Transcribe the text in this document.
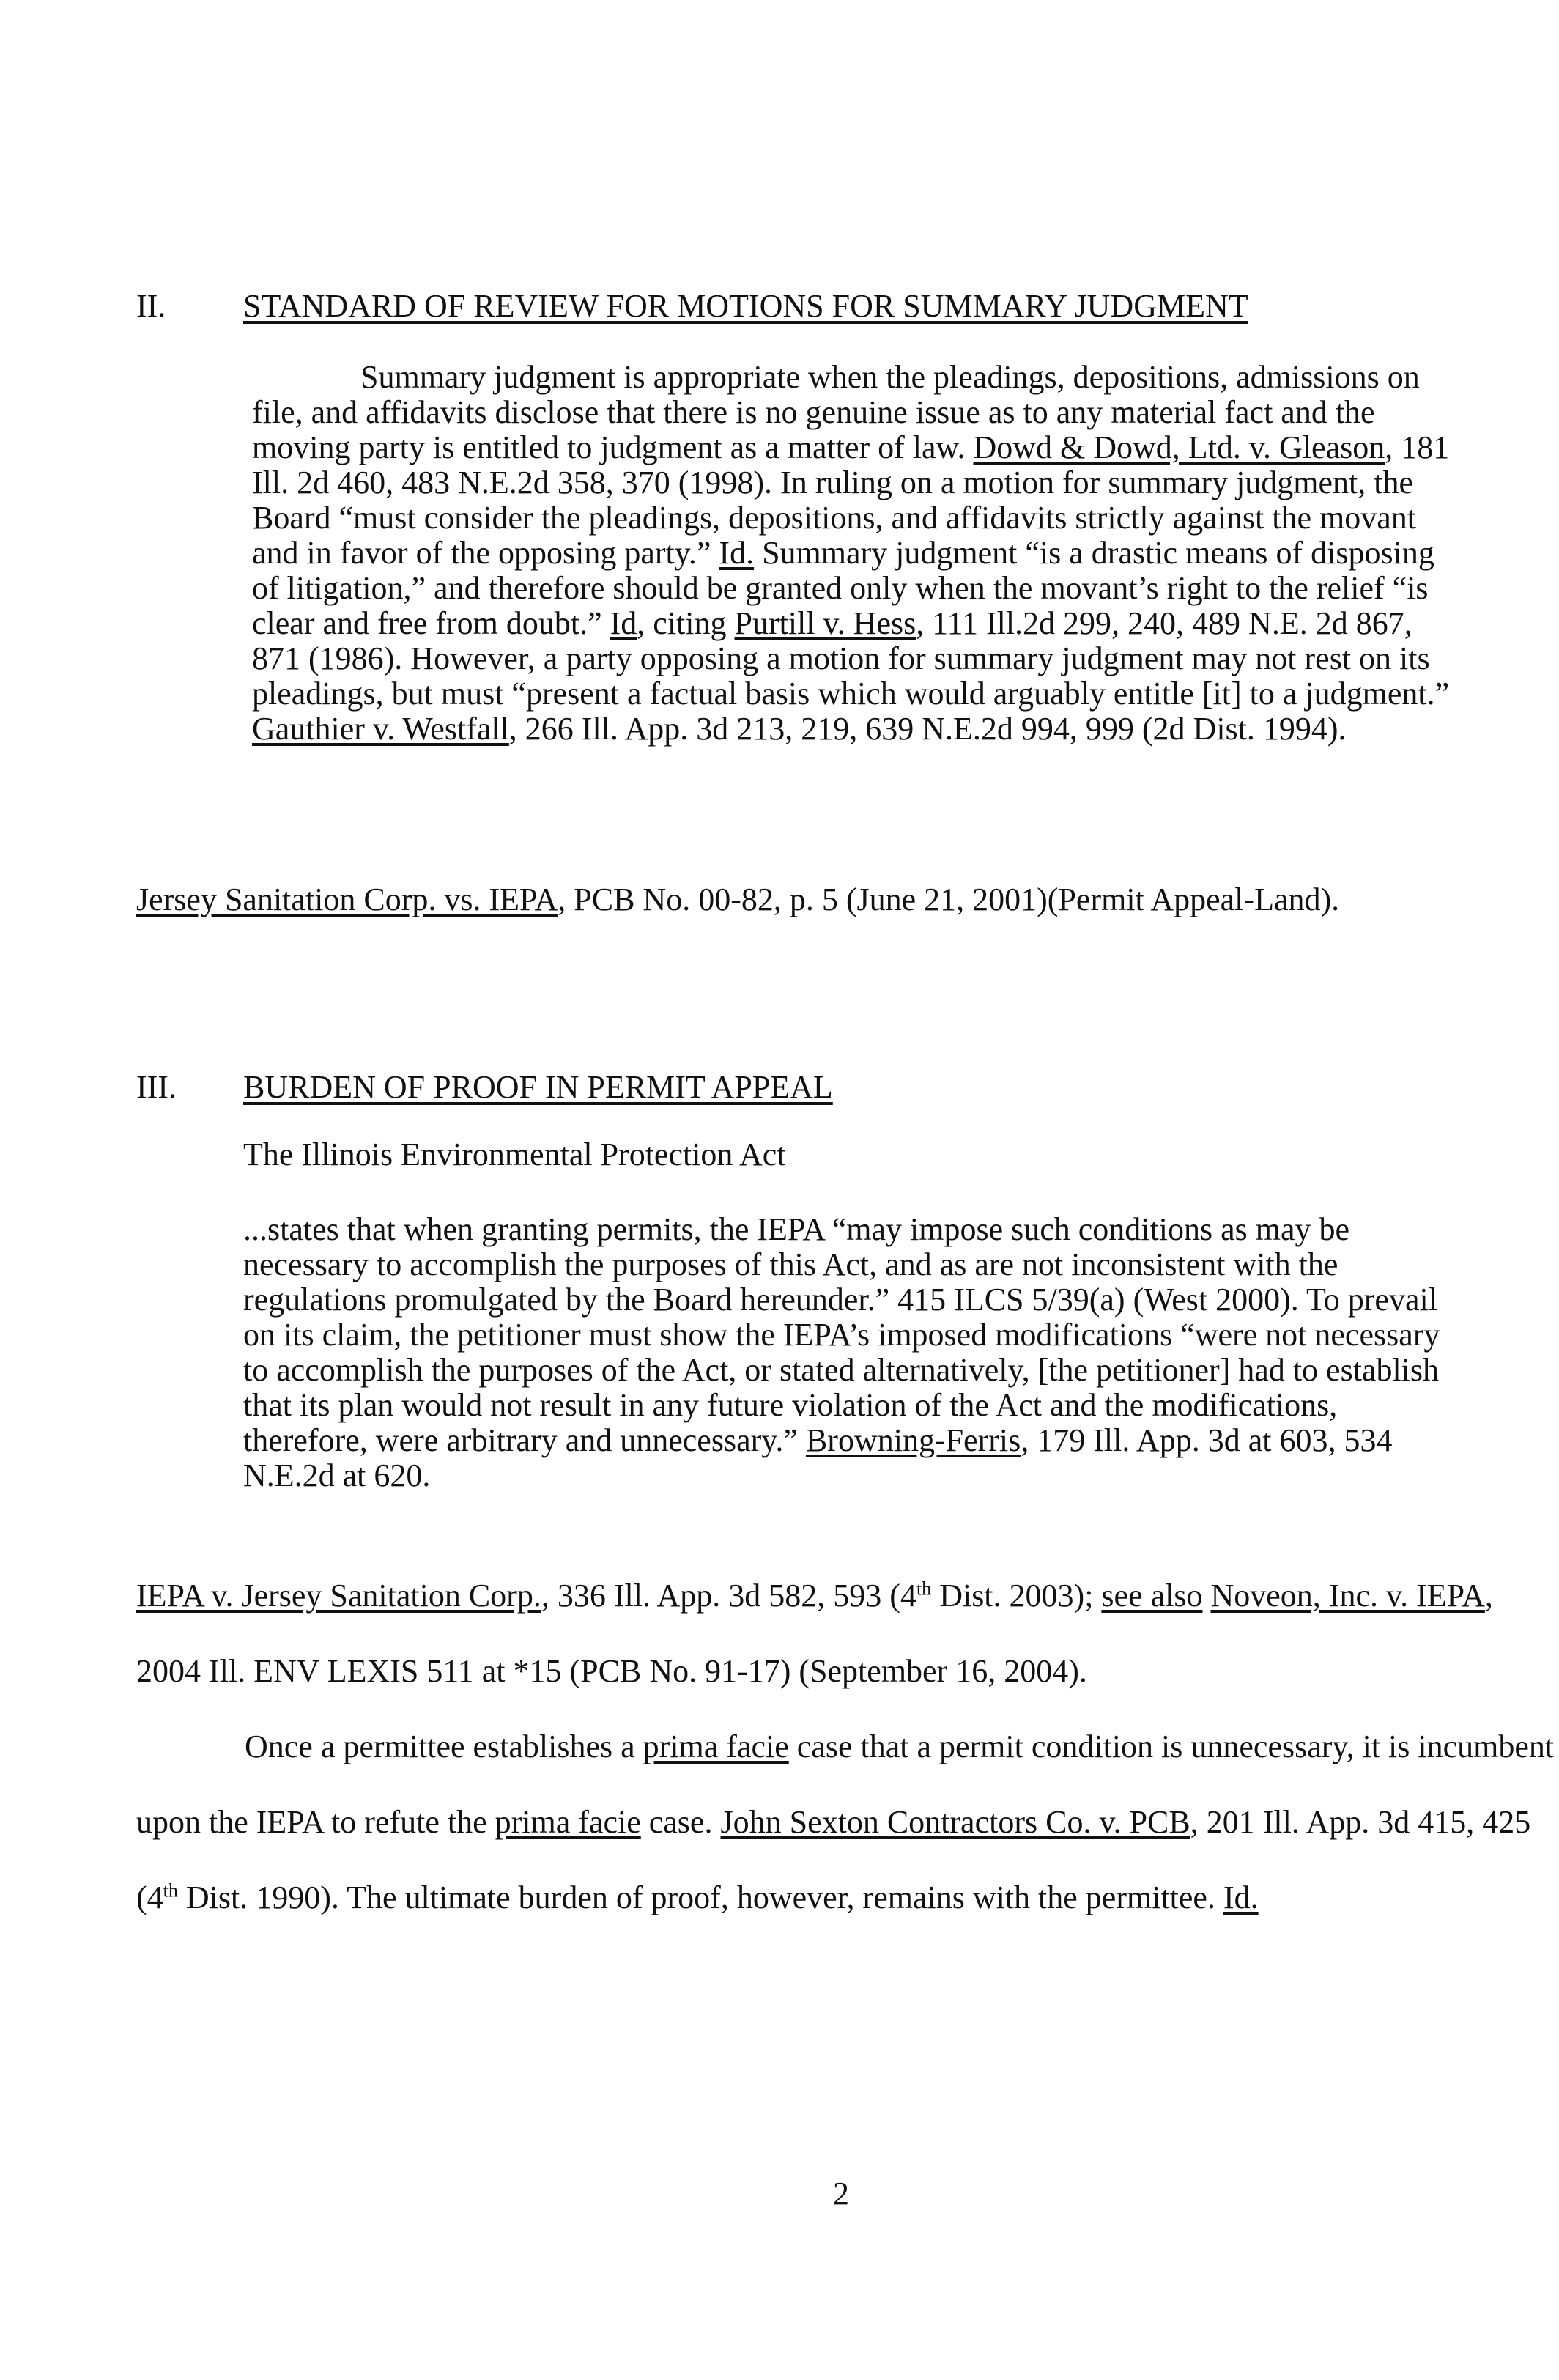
II. STANDARD OF REVIEW FOR MOTIONS FOR SUMMARY JUDGMENT

Summary judgment is appropriate when the pleadings, depositions, admissions on file, and affidavits disclose that there is no genuine issue as to any material fact and the moving party is entitled to judgment as a matter of law. Dowd & Dowd, Ltd. v. Gleason, 181 Ill. 2d 460, 483 N.E.2d 358, 370 (1998). In ruling on a motion for summary judgment, the Board “must consider the pleadings, depositions, and affidavits strictly against the movant and in favor of the opposing party.” Id. Summary judgment “is a drastic means of disposing of litigation,” and therefore should be granted only when the movant’s right to the relief “is clear and free from doubt.” Id, citing Purtill v. Hess, 111 Ill.2d 299, 240, 489 N.E. 2d 867, 871 (1986). However, a party opposing a motion for summary judgment may not rest on its pleadings, but must “present a factual basis which would arguably entitle [it] to a judgment.” Gauthier v. Westfall, 266 Ill. App. 3d 213, 219, 639 N.E.2d 994, 999 (2d Dist. 1994).

Jersey Sanitation Corp. vs. IEPA, PCB No. 00-82, p. 5 (June 21, 2001)(Permit Appeal-Land).
III. BURDEN OF PROOF IN PERMIT APPEAL
The Illinois Environmental Protection Act

...states that when granting permits, the IEPA “may impose such conditions as may be necessary to accomplish the purposes of this Act, and as are not inconsistent with the regulations promulgated by the Board hereunder.” 415 ILCS 5/39(a) (West 2000). To prevail on its claim, the petitioner must show the IEPA’s imposed modifications “were not necessary to accomplish the purposes of the Act, or stated alternatively, [the petitioner] had to establish that its plan would not result in any future violation of the Act and the modifications, therefore, were arbitrary and unnecessary.” Browning-Ferris, 179 Ill. App. 3d at 603, 534 N.E.2d at 620.

IEPA v. Jersey Sanitation Corp., 336 Ill. App. 3d 582, 593 (4th Dist. 2003); see also Noveon, Inc. v. IEPA, 2004 Ill. ENV LEXIS 511 at *15 (PCB No. 91-17) (September 16, 2004).

Once a permittee establishes a prima facie case that a permit condition is unnecessary, it is incumbent upon the IEPA to refute the prima facie case. John Sexton Contractors Co. v. PCB, 201 Ill. App. 3d 415, 425 (4th Dist. 1990). The ultimate burden of proof, however, remains with the permittee. Id.

2
